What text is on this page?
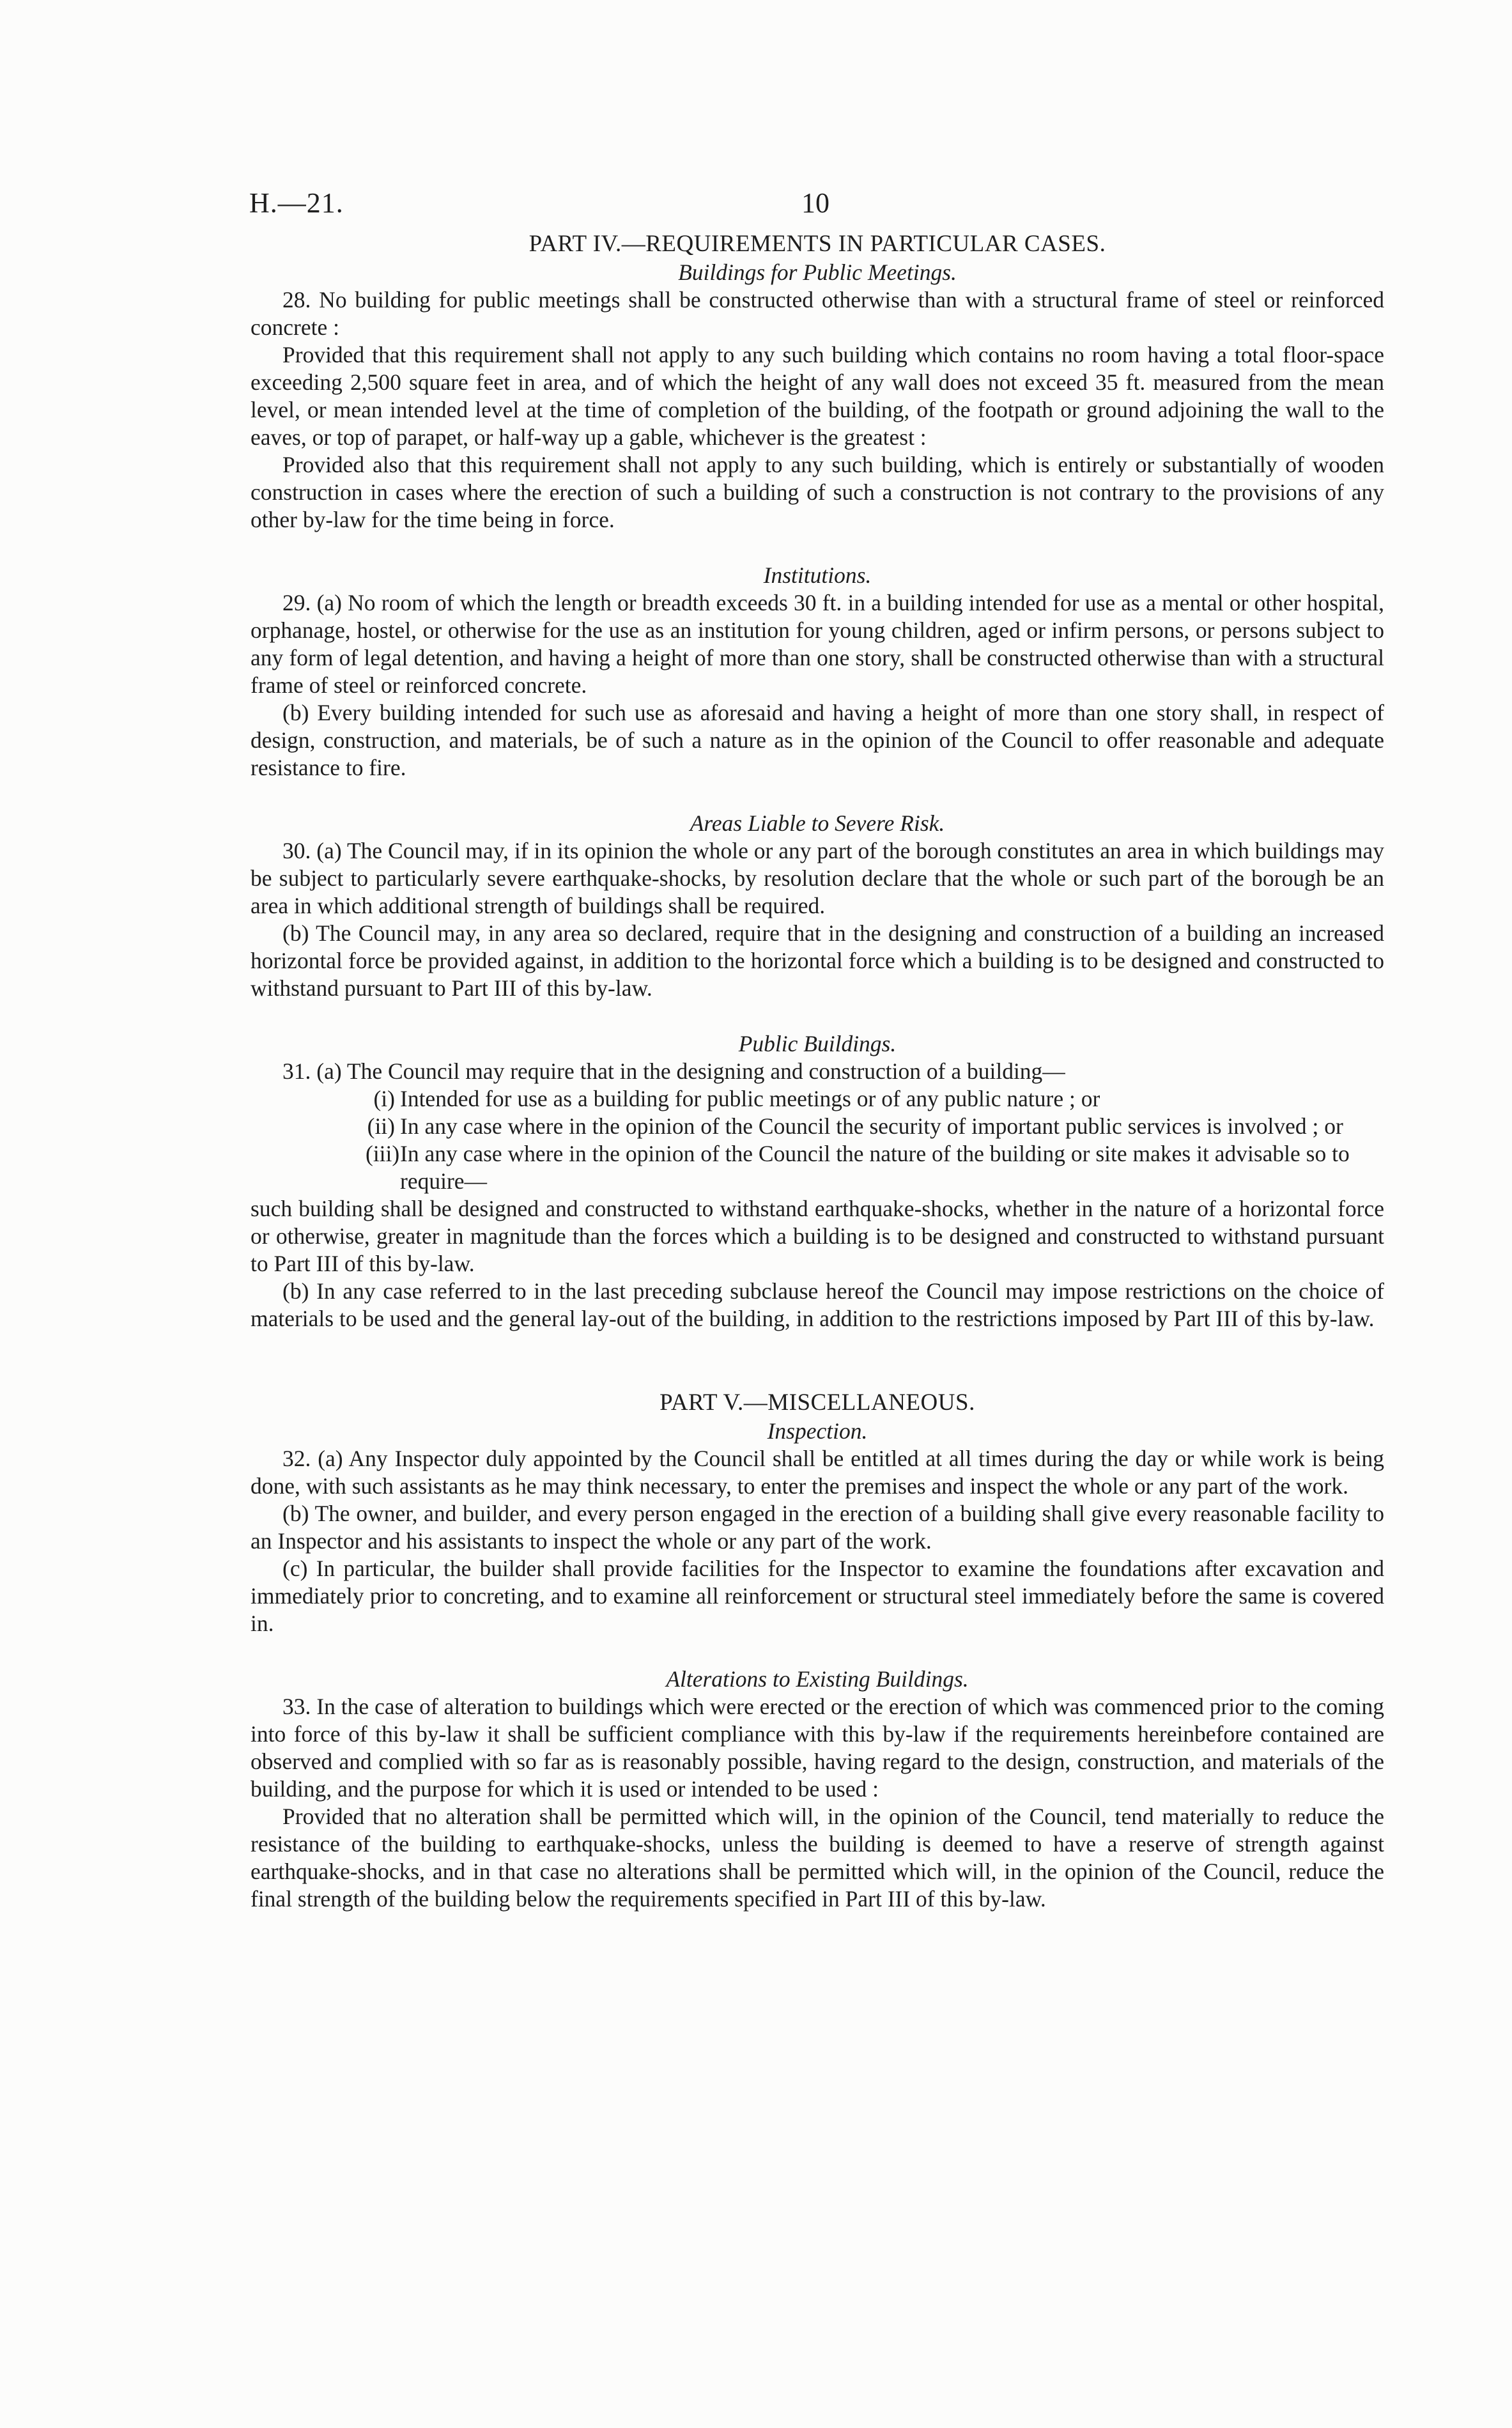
H.—21.	10
PART IV.—REQUIREMENTS IN PARTICULAR CASES.
Buildings for Public Meetings.

28. No building for public meetings shall be constructed otherwise than with a structural frame of steel or reinforced concrete :

Provided that this requirement shall not apply to any such building which contains no room having a total floor-space exceeding 2,500 square feet in area, and of which the height of any wall does not exceed 35 ft. measured from the mean level, or mean intended level at the time of completion of the building, of the footpath or ground adjoining the wall to the eaves, or top of parapet, or half-way up a gable, whichever is the greatest :

Provided also that this requirement shall not apply to any such building, which is entirely or substantially of wooden construction in cases where the erection of such a building of such a construction is not contrary to the provisions of any other by-law for the time being in force.

Institutions.

29. (a) No room of which the length or breadth exceeds 30 ft. in a building intended for use as a mental or other hospital, orphanage, hostel, or otherwise for the use as an institution for young children, aged or infirm persons, or persons subject to any form of legal detention, and having a height of more than one story, shall be constructed otherwise than with a structural frame of steel or reinforced concrete.

(b) Every building intended for such use as aforesaid and having a height of more than one story shall, in respect of design, construction, and materials, be of such a nature as in the opinion of the Council to offer reasonable and adequate resistance to fire.

Areas Liable to Severe Risk.

30. (a) The Council may, if in its opinion the whole or any part of the borough constitutes an area in which buildings may be subject to particularly severe earthquake-shocks, by resolution declare that the whole or such part of the borough be an area in which additional strength of buildings shall be required.

(b) The Council may, in any area so declared, require that in the designing and construction of a building an increased horizontal force be provided against, in addition to the horizontal force which a building is to be designed and constructed to withstand pursuant to Part III of this by-law.

Public Buildings.

31. (a) The Council may require that in the designing and construction of a building—

(i) Intended for use as a building for public meetings or of any public nature ; or
(ii) In any case where in the opinion of the Council the security of important public services is involved ; or
(iii)In any case where in the opinion of the Council the nature of the building or site makes it advisable so to require—

such building shall be designed and constructed to withstand earthquake-shocks, whether in the nature of a horizontal force or otherwise, greater in magnitude than the forces which a building is to be designed and constructed to withstand pursuant to Part III of this by-law.

(b) In any case referred to in the last preceding subclause hereof the Council may impose restrictions on the choice of materials to be used and the general lay-out of the building, in addition to the restrictions imposed by Part III of this by-law.

PART V.—MISCELLANEOUS.
Inspection.

32. (a) Any Inspector duly appointed by the Council shall be entitled at all times during the day or while work is being done, with such assistants as he may think necessary, to enter the premises and inspect the whole or any part of the work.

(b) The owner, and builder, and every person engaged in the erection of a building shall give every reasonable facility to an Inspector and his assistants to inspect the whole or any part of the work.

(c) In particular, the builder shall provide facilities for the Inspector to examine the foundations after excavation and immediately prior to concreting, and to examine all reinforcement or structural steel immediately before the same is covered in.

Alterations to Existing Buildings.

33. In the case of alteration to buildings which were erected or the erection of which was commenced prior to the coming into force of this by-law it shall be sufficient compliance with this by-law if the requirements hereinbefore contained are observed and complied with so far as is reasonably possible, having regard to the design, construction, and materials of the building, and the purpose for which it is used or intended to be used :

Provided that no alteration shall be permitted which will, in the opinion of the Council, tend materially to reduce the resistance of the building to earthquake-shocks, unless the building is deemed to have a reserve of strength against earthquake-shocks, and in that case no alterations shall be permitted which will, in the opinion of the Council, reduce the final strength of the building below the requirements specified in Part III of this by-law.
